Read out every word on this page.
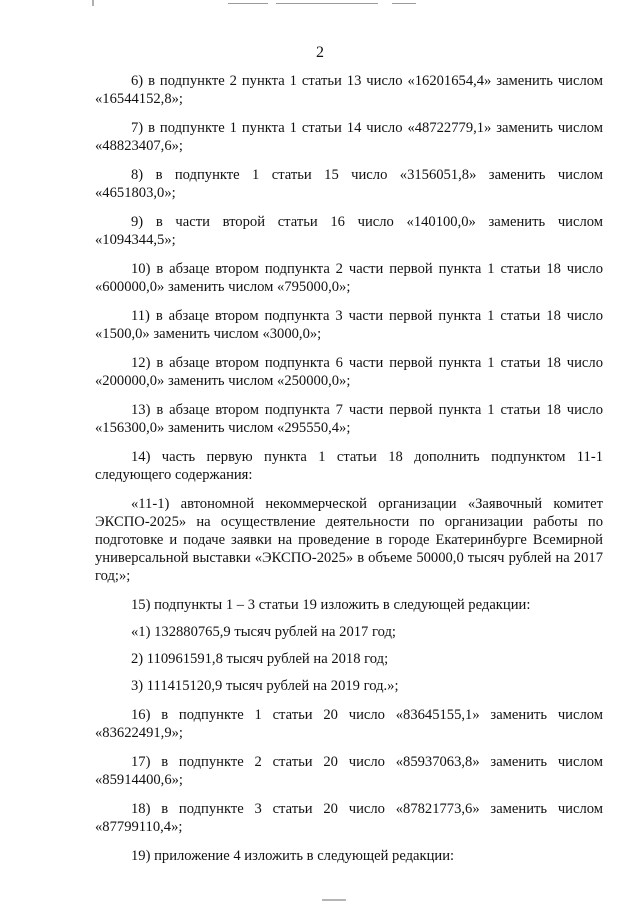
2

6) в подпункте 2 пункта 1 статьи 13 число «16201654,4» заменить числом «16544152,8»;

7) в подпункте 1 пункта 1 статьи 14 число «48722779,1» заменить числом «48823407,6»;

8) в подпункте 1 статьи 15 число «3156051,8» заменить числом «4651803,0»;

9) в части второй статьи 16 число «140100,0» заменить числом «1094344,5»;

10) в абзаце втором подпункта 2 части первой пункта 1 статьи 18 число «600000,0» заменить числом «795000,0»;

11) в абзаце втором подпункта 3 части первой пункта 1 статьи 18 число «1500,0» заменить числом «3000,0»;

12) в абзаце втором подпункта 6 части первой пункта 1 статьи 18 число «200000,0» заменить числом «250000,0»;

13) в абзаце втором подпункта 7 части первой пункта 1 статьи 18 число «156300,0» заменить числом «295550,4»;

14) часть первую пункта 1 статьи 18 дополнить подпунктом 11-1 следующего содержания:

«11-1) автономной некоммерческой организации «Заявочный комитет ЭКСПО-2025» на осуществление деятельности по организации работы по подготовке и подаче заявки на проведение в городе Екатеринбурге Всемирной универсальной выставки «ЭКСПО-2025» в объеме 50000,0 тысяч рублей на 2017 год;»;

15) подпункты 1 – 3 статьи 19 изложить в следующей редакции:

«1) 132880765,9 тысяч рублей на 2017 год;

2) 110961591,8 тысяч рублей на 2018 год;

3) 111415120,9 тысяч рублей на 2019 год.»;

16) в подпункте 1 статьи 20 число «83645155,1» заменить числом «83622491,9»;

17) в подпункте 2 статьи 20 число «85937063,8» заменить числом «85914400,6»;

18) в подпункте 3 статьи 20 число «87821773,6» заменить числом «87799110,4»;

19) приложение 4 изложить в следующей редакции:
